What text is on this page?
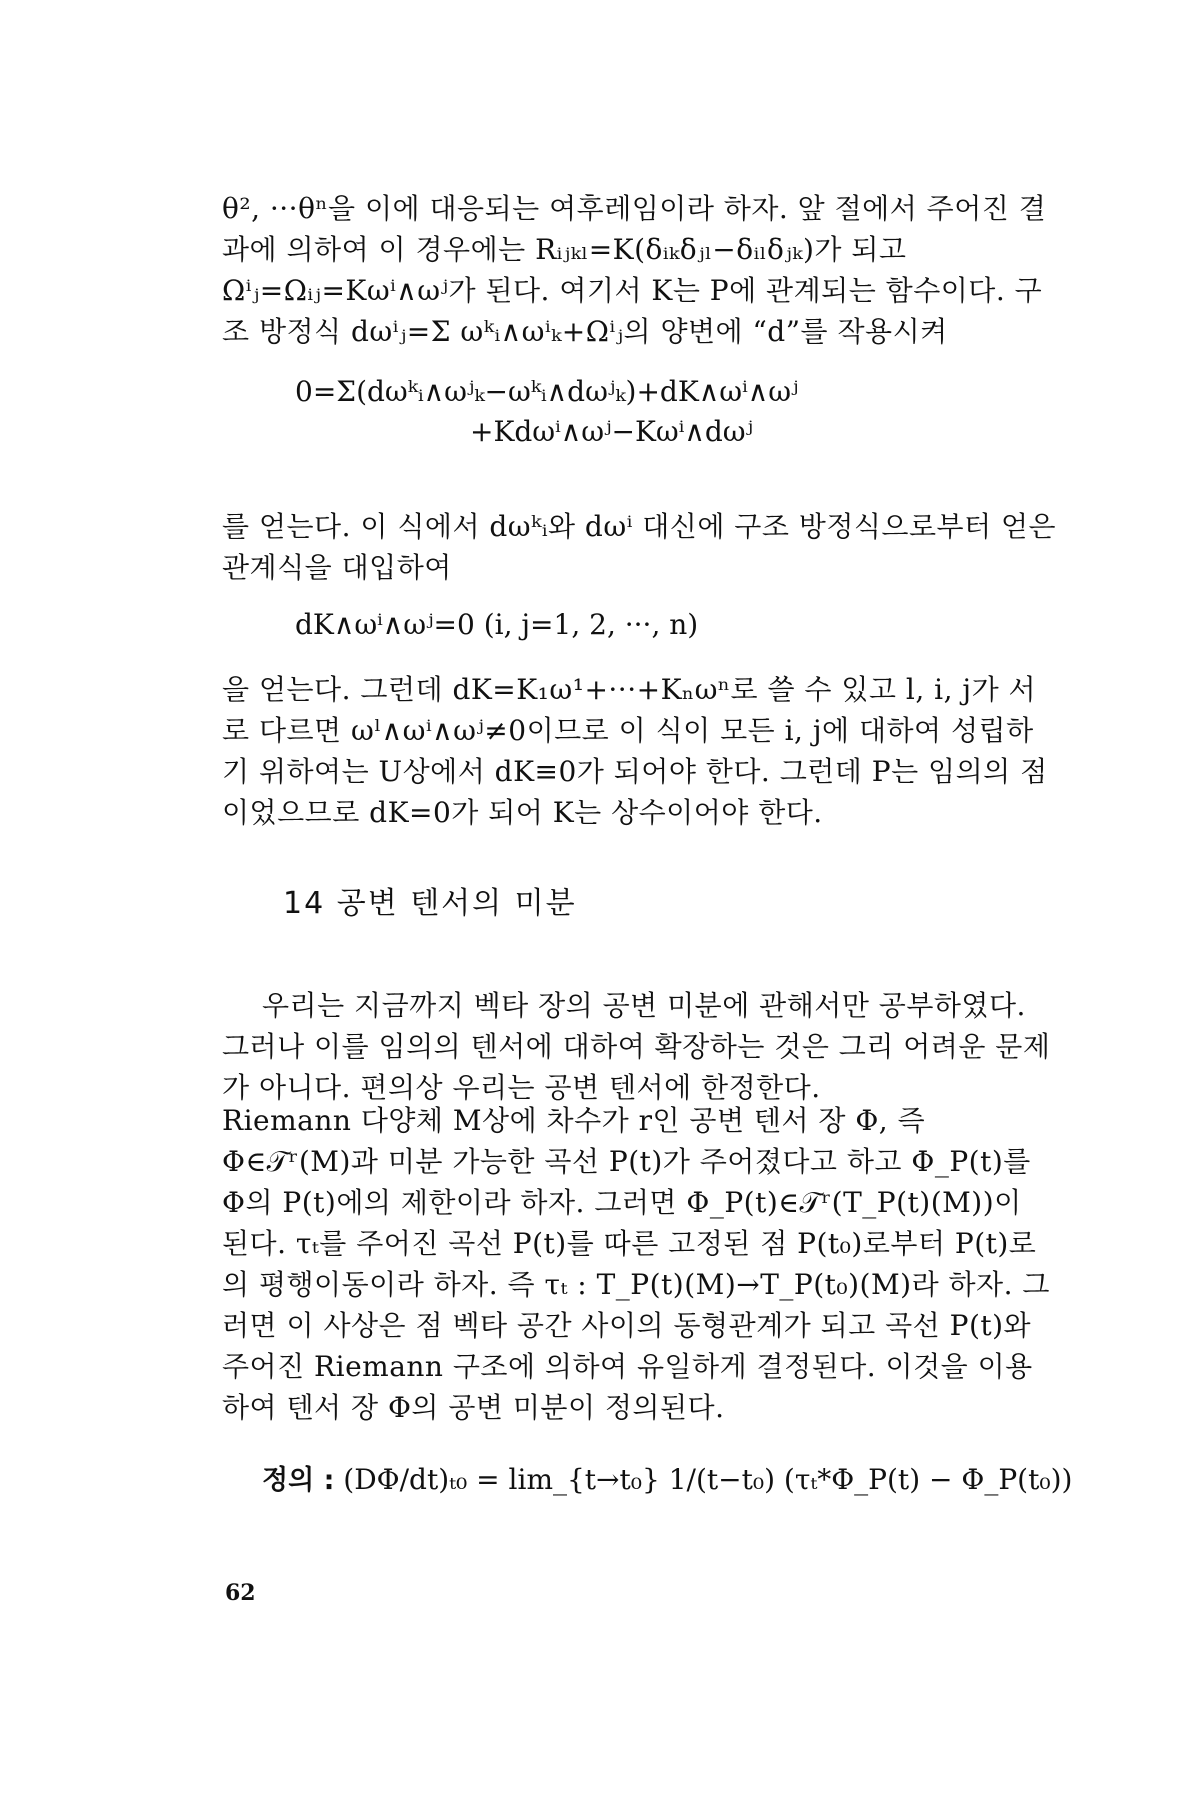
θ², ···θⁿ을 이에 대응되는 여후레임이라 하자. 앞 절에서 주어진 결과에 의하여 이 경우에는 Rᵢⱼₖₗ=K(δᵢₖδⱼₗ−δᵢₗδⱼₖ)가 되고 Ωⁱⱼ=Ωᵢⱼ=Kωⁱ∧ωʲ가 된다. 여기서 K는 P에 관계되는 함수이다. 구조 방정식 dωⁱⱼ=Σ ωᵏᵢ∧ωⁱₖ+Ωⁱⱼ의 양변에 “d”를 작용시켜

0=Σ(dωᵏᵢ∧ωʲₖ−ωᵏᵢ∧dωʲₖ)+dK∧ωⁱ∧ωʲ
+Kdωⁱ∧ωʲ−Kωⁱ∧dωʲ

를 얻는다. 이 식에서 dωᵏᵢ와 dωⁱ 대신에 구조 방정식으로부터 얻은 관계식을 대입하여

dK∧ωⁱ∧ωʲ=0 (i, j=1, 2, ···, n)

을 얻는다. 그런데 dK=K₁ω¹+···+Kₙωⁿ로 쓸 수 있고 l, i, j가 서로 다르면 ωˡ∧ωⁱ∧ωʲ≠0이므로 이 식이 모든 i, j에 대하여 성립하기 위하여는 U상에서 dK≡0가 되어야 한다. 그런데 P는 임의의 점이었으므로 dK=0가 되어 K는 상수이어야 한다.

14 공변 텐서의 미분

우리는 지금까지 벡타 장의 공변 미분에 관해서만 공부하였다. 그러나 이를 임의의 텐서에 대하여 확장하는 것은 그리 어려운 문제가 아니다. 편의상 우리는 공변 텐서에 한정한다.

Riemann 다양체 M상에 차수가 r인 공변 텐서 장 Φ, 즉 Φ∈𝒯ʳ(M)과 미분 가능한 곡선 P(t)가 주어졌다고 하고 Φ_P(t)를 Φ의 P(t)에의 제한이라 하자. 그러면 Φ_P(t)∈𝒯ʳ(T_P(t)(M))이 된다. τₜ를 주어진 곡선 P(t)를 따른 고정된 점 P(t₀)로부터 P(t)로의 평행이동이라 하자. 즉 τₜ : T_P(t)(M)→T_P(t₀)(M)라 하자. 그러면 이 사상은 점 벡타 공간 사이의 동형관계가 되고 곡선 P(t)와 주어진 Riemann 구조에 의하여 유일하게 결정된다. 이것을 이용하여 텐서 장 Φ의 공변 미분이 정의된다.

정의 : (DΦ/dt)ₜ₀ = lim_{t→t₀} 1/(t−t₀) (τₜ*Φ_P(t) − Φ_P(t₀))
62
